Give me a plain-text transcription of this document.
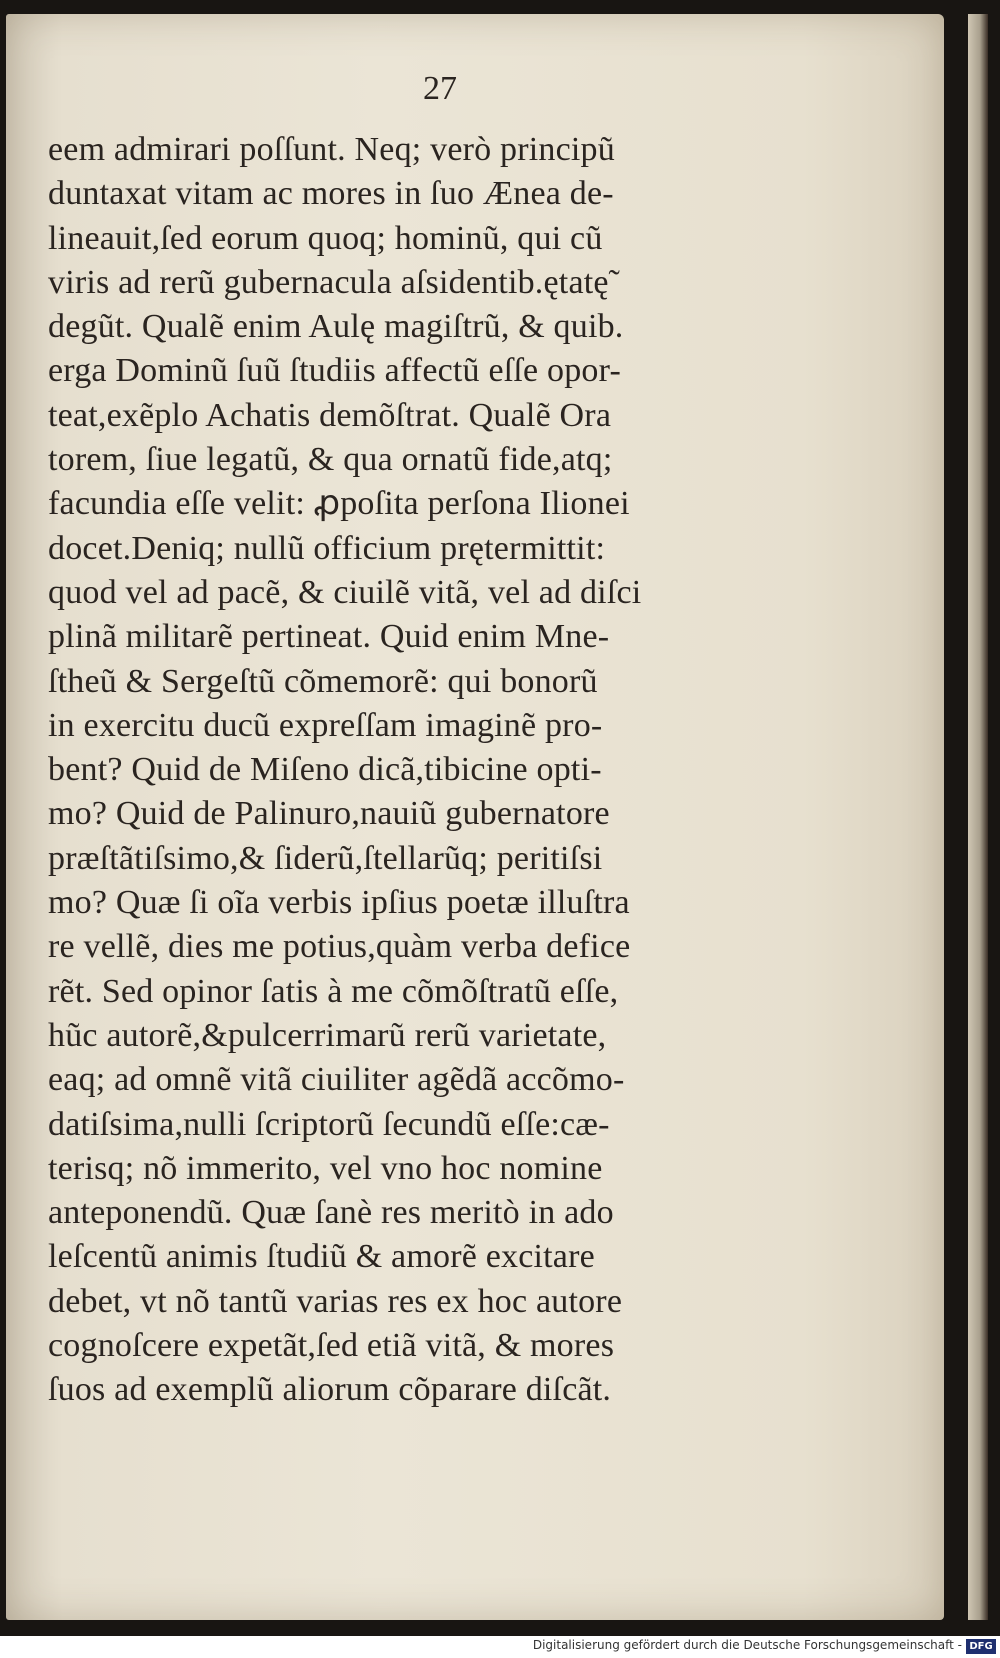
27
eem admirari poſſunt. Neq; verò principũ
duntaxat vitam ac mores in ſuo Æneа de-
lineauit,ſed eorum quoq; hominũ, qui cũ
viris ad rerũ gubernacula aſsidentib.ętatę̃
degũt. Qualẽ enim Aulę magiſtrũ, & quib.
erga Dominũ ſuũ ſtudiis affectũ eſſe opor-
teat,exẽplo Achatis demõſtrat. Qualẽ Ora
torem, ſiue legatũ, & qua ornatũ fide,atq;
facundia eſſe velit: ꝓpoſita perſona Ilionei
docet.Deniq; nullũ officium prętermittit:
quod vel ad pacẽ, & ciuilẽ vitã, vel ad diſci
plinã militarẽ pertineat. Quid enim Mne-
ſtheũ & Sergeſtũ cõmemorẽ: qui bonorũ
in exercitu ducũ expreſſam imaginẽ pro-
bent? Quid de Miſeno dicã,tibicine opti-
mo? Quid de Palinuro,nauiũ gubernatore
præſtãtiſsimo,& ſiderũ,ſtellarũq; peritiſsi
mo? Quæ ſi oĩa verbis ipſius poetæ illuſtra
re vellẽ, dies me potius,quàm verba defice
rẽt. Sed opinor ſatis à me cõmõſtratũ eſſe,
hũc autorẽ,&pulcerrimarũ rerũ varietate,
eaq; ad omnẽ vitã ciuiliter agẽdã accõmo-
datiſsima,nulli ſcriptorũ ſecundũ eſſe:cæ-
terisq; nõ immerito, vel vno hoc nomine
anteponendũ. Quæ ſanè res meritò in ado
leſcentũ animis ſtudiũ & amorẽ excitare
debet, vt nõ tantũ varias res ex hoc autore
cognoſcere expetãt,ſed etiã vitã, & mores
ſuos ad exemplũ aliorum cõparare diſcãt.
Digitalisierung gefördert durch die Deutsche Forschungsgemeinschaft - DFG
